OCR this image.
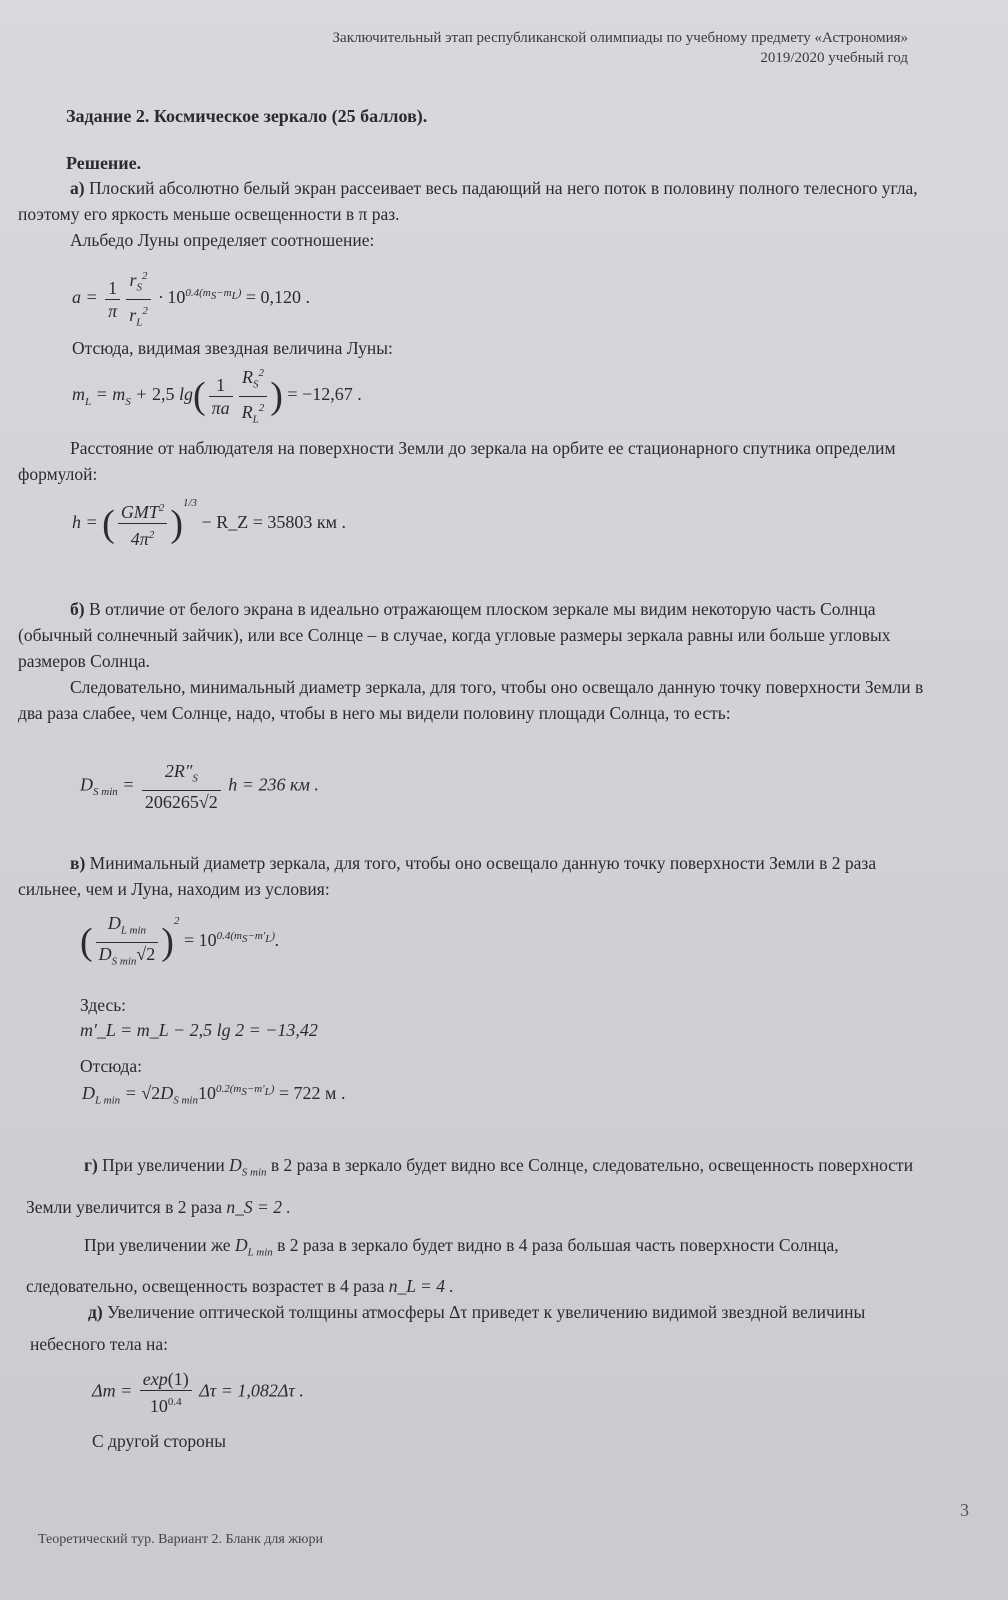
Заключительный этап республиканской олимпиады по учебному предмету «Астрономия»
2019/2020 учебный год
Задание 2. Космическое зеркало (25 баллов).
Решение.
а) Плоский абсолютно белый экран рассеивает весь падающий на него поток в половину полного телесного угла, поэтому его яркость меньше освещенности в π раз.
Альбедо Луны определяет соотношение:
$a = \frac{1}{\pi} \frac{r_S^2}{r_L^2} \cdot 10^{0.4(m_S-m_L)} = 0,120$ .
Отсюда, видимая звездная величина Луны:
$m_L = m_S + 2,5$ $\lg( \frac{1}{\pi a} \frac{R_S^2}{R_L^2}$ ) = −12,67 .
Расстояние от наблюдателя на поверхности Земли до зеркала на орбите ее стационарного спутника определим формулой:
h = ( $\frac{GMT^2}{4\pi^2} )^{1/3}$ − R_Z = 35803 км .
б) В отличие от белого экрана в идеально отражающем плоском зеркале мы видим некоторую часть Солнца (обычный солнечный зайчик), или все Солнце – в случае, когда угловые размеры зеркала равны или больше угловых размеров Солнца.
Следовательно, минимальный диаметр зеркала, для того, чтобы оно освещало данную точку поверхности Земли в два раза слабее, чем Солнце, надо, чтобы в него мы видели половину площади Солнца, то есть:
$D_{S min} = \frac{2R''_S}{206265√2}$ h = 236 км .
в) Минимальный диаметр зеркала, для того, чтобы оно освещало данную точку поверхности Земли в 2 раза сильнее, чем и Луна, находим из условия:
( $\frac{D_{L min}}{D_{S min}√2} )^2 = 10^{0.4(m_S-m'_L)}$.
Здесь:
m′_L = m_L − 2,5 lg 2 = −13,42
Отсюда:
$D_{L min} = √2D_{S min}10^{0.2(m_S-m'_L)} = 722$ м .
г) При увеличении $D_{S min}$ в 2 раза в зеркало будет видно все Солнце, следовательно, освещенность поверхности Земли увеличится в 2 раза n_S = 2 .
При увеличении же $D_{L min}$ в 2 раза в зеркало будет видно в 4 раза большая часть поверхности Солнца, следовательно, освещенность возрастет в 4 раза n_L = 4 .
д) Увеличение оптической толщины атмосферы Δτ приведет к увеличению видимой звездной величины небесного тела на:
$\Delta m = \frac{\exp(1)}{10^{0.4}}$ Δτ = 1,082Δτ .
С другой стороны
3
Теоретический тур. Вариант 2. Бланк для жюри
